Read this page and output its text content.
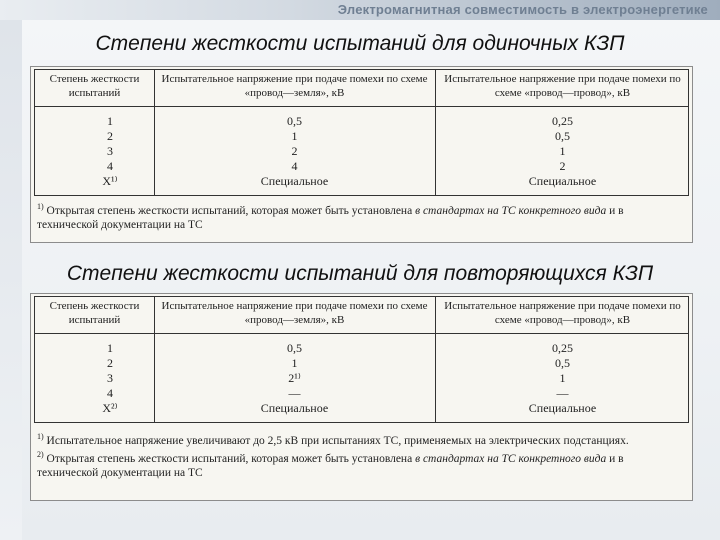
Электромагнитная совместимость в электроэнергетике
Степени жесткости испытаний для одиночных КЗП
Степень жесткости испытаний
Испытательное напряжение при подаче помехи по схеме «провод—земля», кВ
Испытательное напряжение при подаче помехи по схеме «провод—провод», кВ
1
2
3
4
X¹⁾
0,5
1
2
4
Специальное
0,25
0,5
1
2
Специальное
$^{1)}$ Открытая степень жесткости испытаний, которая может быть установлена в стандартах на ТС конкретного вида и в технической документации на ТС
Степени жесткости испытаний для повторяющихся КЗП
Степень жесткости испытаний
Испытательное напряжение при подаче помехи по схеме «провод—земля», кВ
Испытательное напряжение при подаче помехи по схеме «провод—провод», кВ
1
2
3
4
X²⁾
0,5
1
2¹⁾
—
Специальное
0,25
0,5
1
—
Специальное
$^{1)}$ Испытательное напряжение увеличивают до 2,5 кВ при испытаниях ТС, применяемых на электрических подстанциях.
$^{2)}$ Открытая степень жесткости испытаний, которая может быть установлена в стандартах на ТС конкретного вида и в технической документации на ТС
